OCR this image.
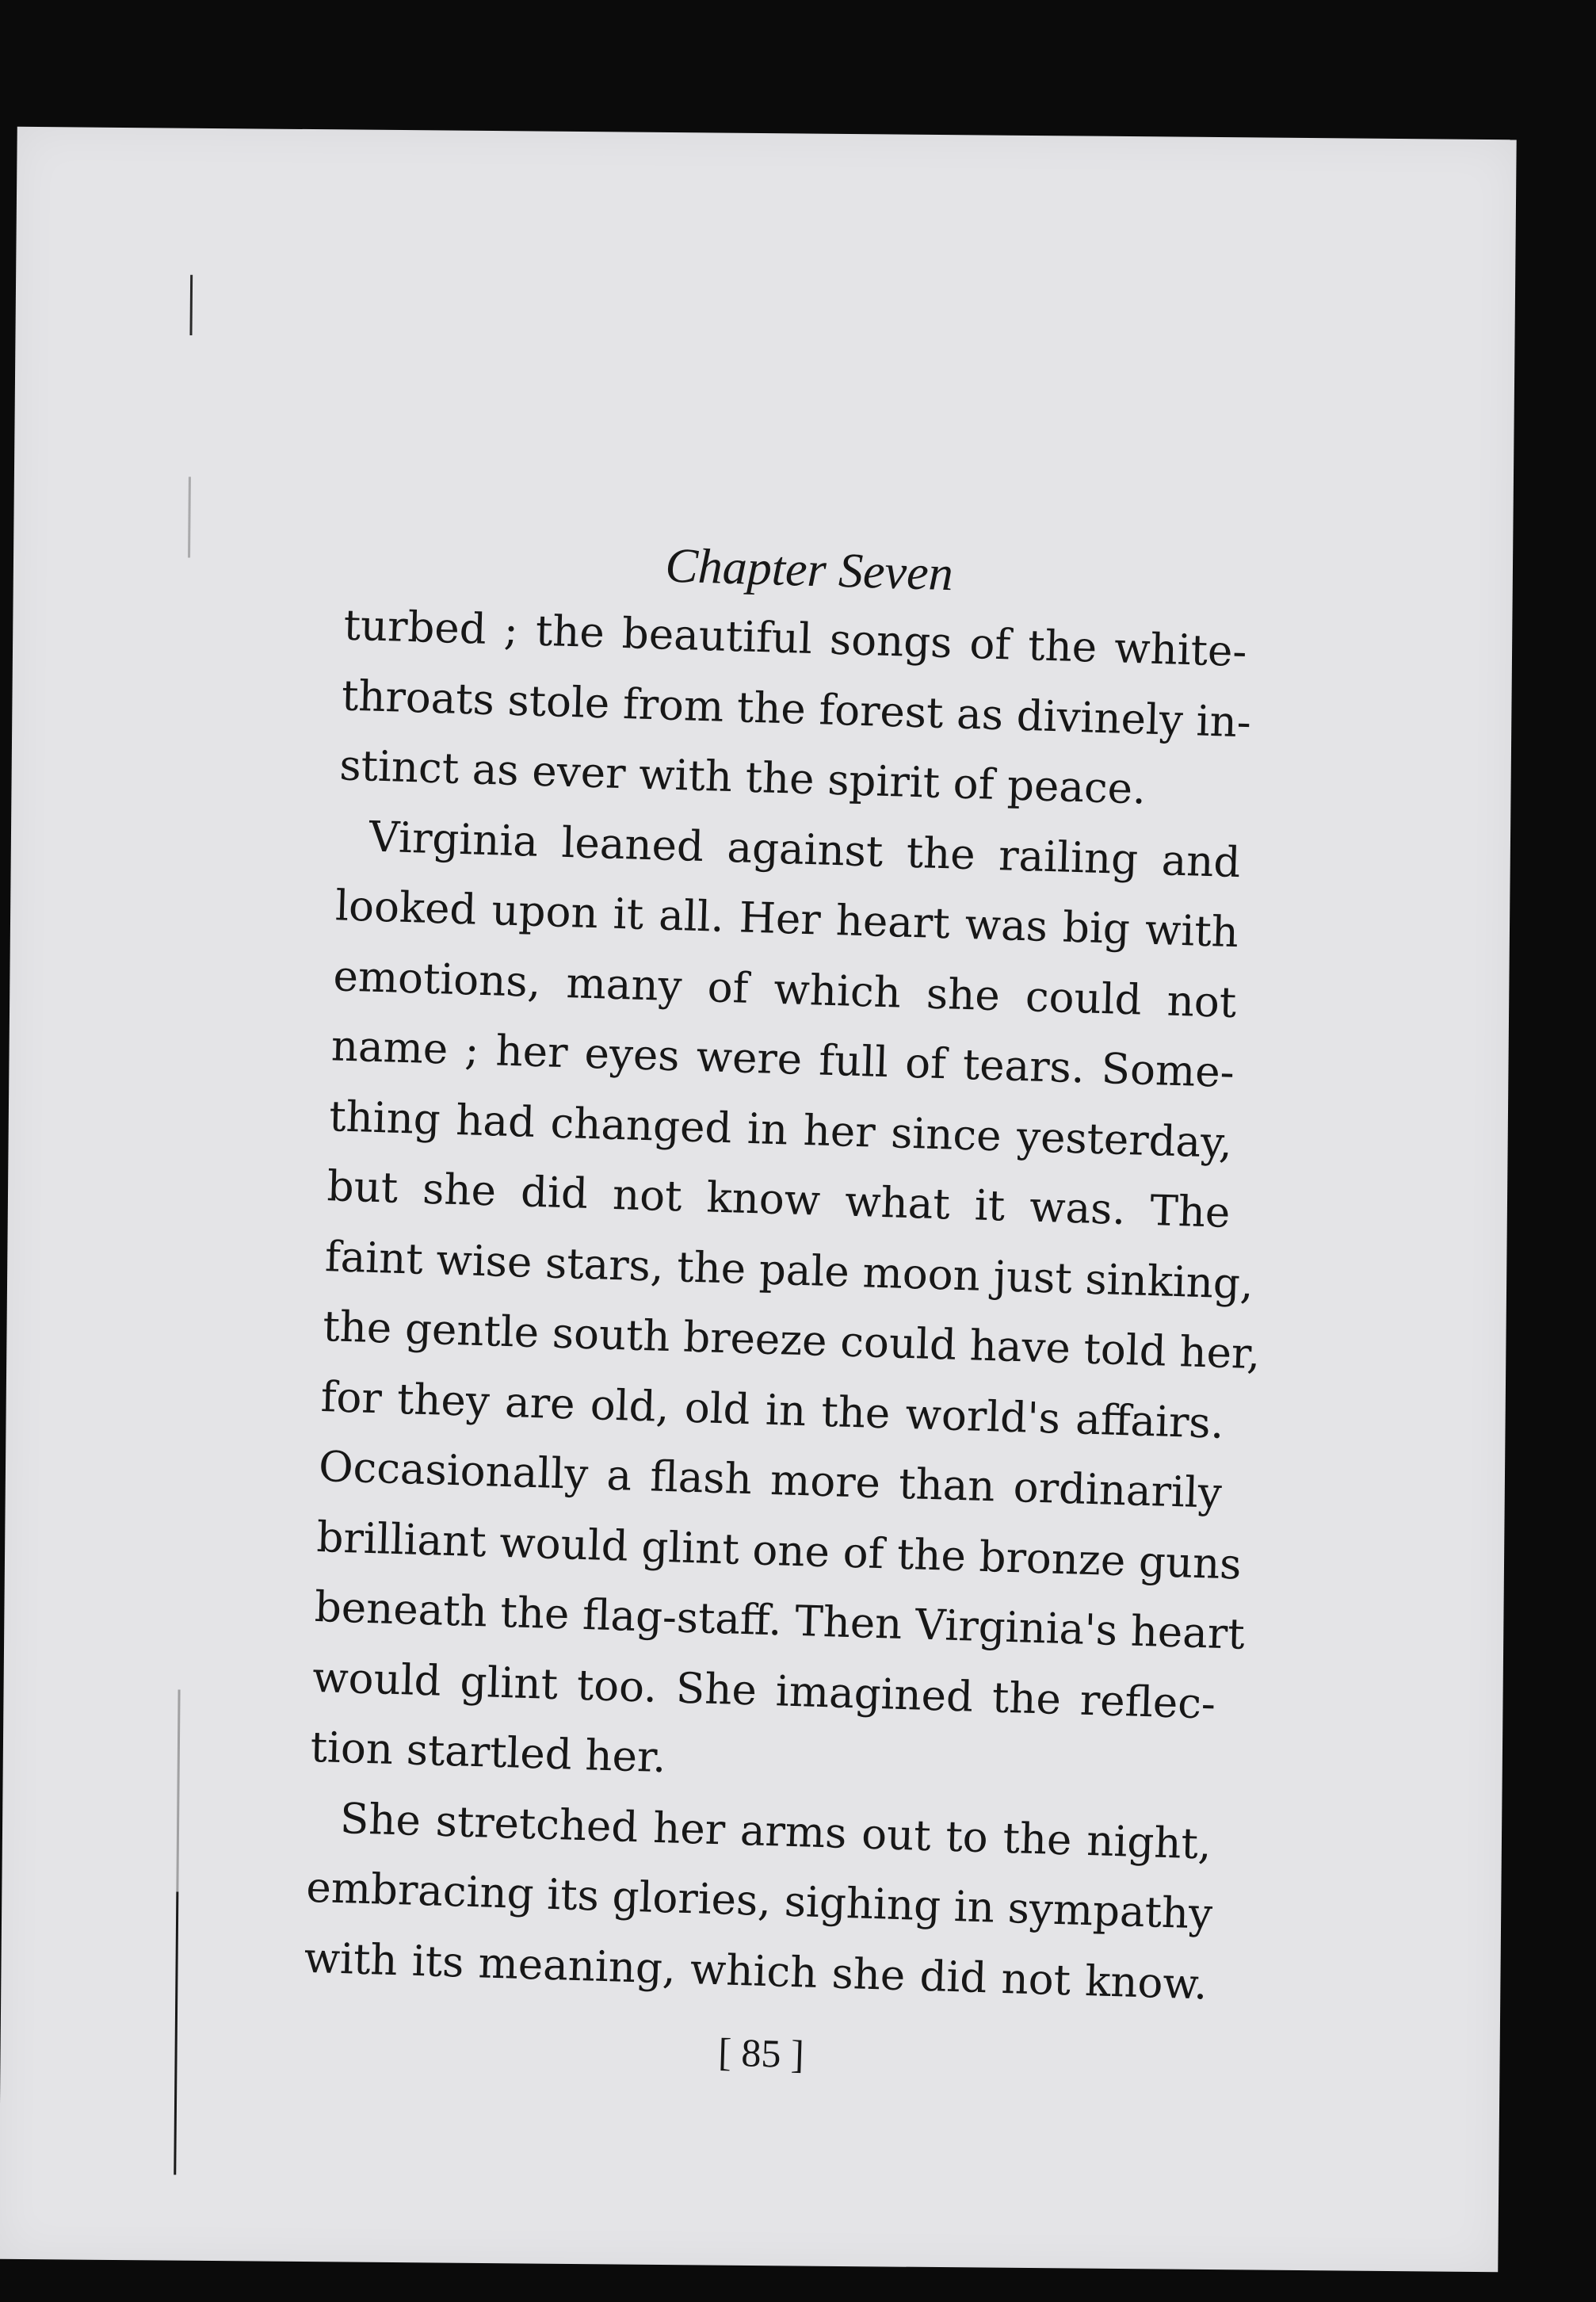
Chapter Seven
turbed ; the beautiful songs of the white-
throats stole from the forest as divinely in-
stinct as ever with the spirit of peace.
Virginia leaned against the railing and
looked upon it all. Her heart was big with
emotions, many of which she could not
name ; her eyes were full of tears. Some-
thing had changed in her since yesterday,
but she did not know what it was. The
faint wise stars, the pale moon just sinking,
the gentle south breeze could have told her,
for they are old, old in the world's affairs.
Occasionally a flash more than ordinarily
brilliant would glint one of the bronze guns
beneath the flag-staff. Then Virginia's heart
would glint too. She imagined the reflec-
tion startled her.
She stretched her arms out to the night,
embracing its glories, sighing in sympathy
with its meaning, which she did not know.
[ 85 ]
